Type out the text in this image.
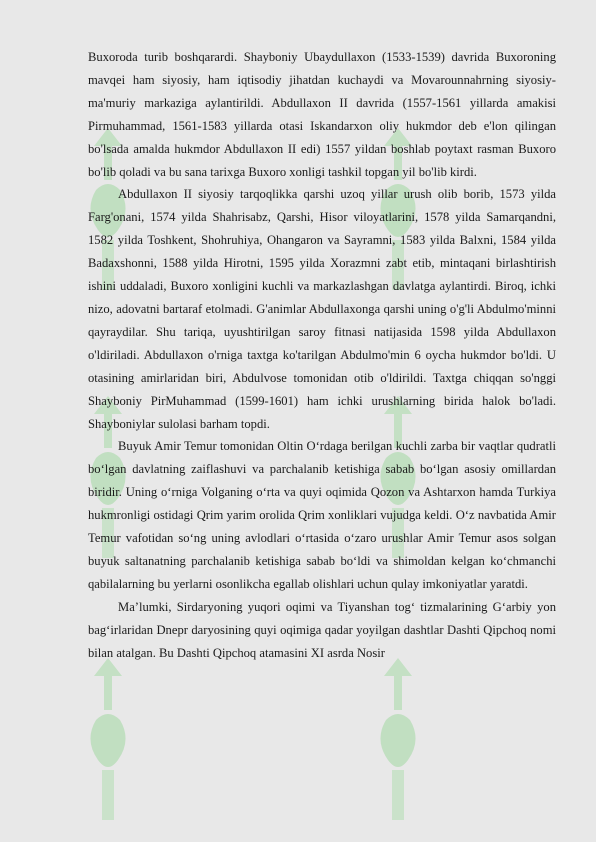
Buxoroda turib boshqarardi. Shayboniy Ubaydullaxon (1533-1539) davrida Buxoroning mavqei ham siyosiy, ham iqtisodiy jihatdan kuchaydi va Movarounnahrning siyosiy-ma'muriy markaziga aylantirildi. Abdullaxon II davrida (1557-1561 yillarda amakisi Pirmuhammad, 1561-1583 yillarda otasi Iskandarxon oliy hukmdor deb e'lon qilingan bo'lsada amalda hukmdor Abdullaxon II edi) 1557 yildan boshlab poytaxt rasman Buxoro bo'lib qoladi va bu sana tarixga Buxoro xonligi tashkil topgan yil bo'lib kirdi.

Abdullaxon II siyosiy tarqoqlikka qarshi uzoq yillar urush olib borib, 1573 yilda Farg'onani, 1574 yilda Shahrisabz, Qarshi, Hisor viloyatlarini, 1578 yilda Samarqandni, 1582 yilda Toshkent, Shohruhiya, Ohangaron va Sayramni, 1583 yilda Balxni, 1584 yilda Badaxshonni, 1588 yilda Hirotni, 1595 yilda Xorazmni zabt etib, mintaqani birlashtirish ishini uddaladi, Buxoro xonligini kuchli va markazlashgan davlatga aylantirdi. Biroq, ichki nizo, adovatni bartaraf etolmadi. G'animlar Abdullaxonga qarshi uning o'g'li Abdulmo'minni qayraydilar. Shu tariqa, uyushtirilgan saroy fitnasi natijasida 1598 yilda Abdullaxon o'ldiriladi. Abdullaxon o'rniga taxtga ko'tarilgan Abdulmo'min 6 oycha hukmdor bo'ldi. U otasining amirlaridan biri, Abdulvose tomonidan otib o'ldirildi. Taxtga chiqqan so'nggi Shayboniy PirMuhammad (1599-1601) ham ichki urushlarning birida halok bo'ladi. Shayboniylar sulolasi barham topdi.

Buyuk Amir Temur tomonidan Oltin O‘rdaga berilgan kuchli zarba bir vaqtlar qudratli bo‘lgan davlatning zaiflashuvi va parchalanib ketishiga sabab bo‘lgan asosiy omillardan biridir. Uning o‘rniga Volganing o‘rta va quyi oqimida Qozon va Ashtarxon hamda Turkiya hukmronligi ostidagi Qrim yarim orolida Qrim xonliklari vujudga keldi. O‘z navbatida Amir Temur vafotidan so‘ng uning avlodlari o‘rtasida o‘zaro urushlar Amir Temur asos solgan buyuk saltanatning parchalanib ketishiga sabab bo‘ldi va shimoldan kelgan ko‘chmanchi qabilalarning bu yerlarni osonlikcha egallab olishlari uchun qulay imkoniyatlar yaratdi.

Ma’lumki, Sirdaryoning yuqori oqimi va Tiyanshan tog‘ tizmalarining G‘arbiy yon bag‘irlaridan Dnepr daryosining quyi oqimiga qadar yoyilgan dashtlar Dashti Qipchoq nomi bilan atalgan. Bu Dashti Qipchoq atamasini XI asrda Nosir
